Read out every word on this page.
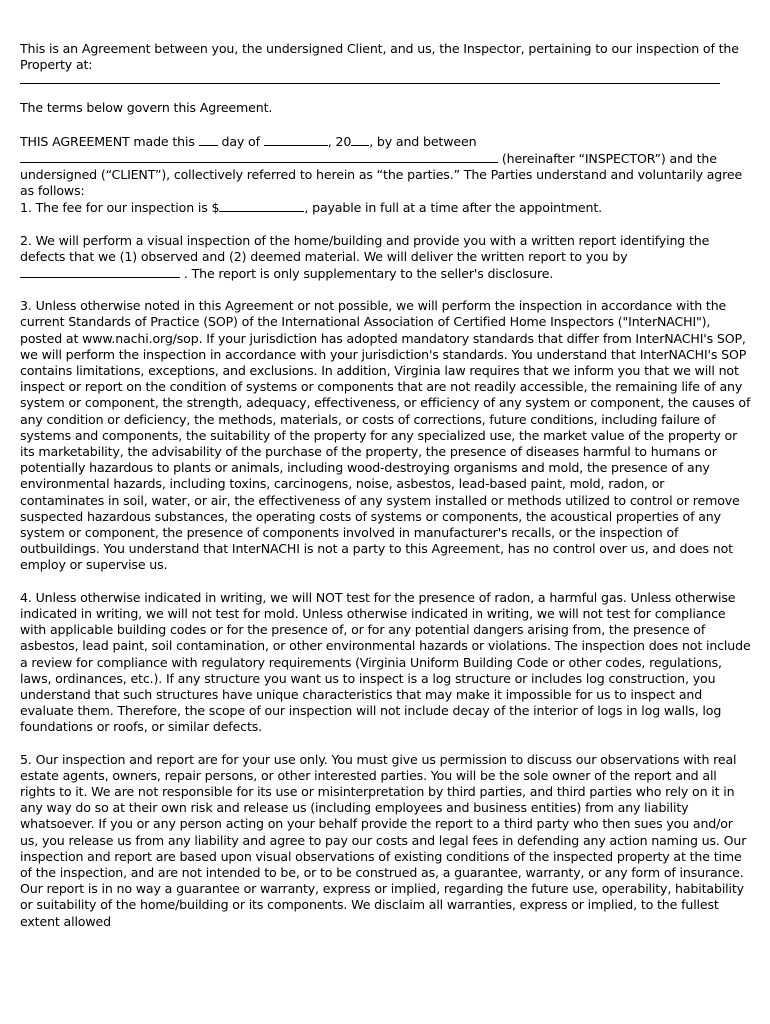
This is an Agreement between you, the undersigned Client, and us, the Inspector, pertaining to our inspection of the Property at:

The terms below govern this Agreement.

THIS AGREEMENT made this day of	, 20 , by and between  (hereinafter “INSPECTOR”) and the undersigned (“CLIENT”), collectively referred to herein as “the parties.” The Parties understand and voluntarily agree as follows:

1. The fee for our inspection is $	, payable in full at a time after the appointment.

2. We will perform a visual inspection of the home/building and provide you with a written report identifying the defects that we (1) observed and (2) deemed material. We will deliver the written report to you by  . The report is only supplementary to the seller's disclosure.

3. Unless otherwise noted in this Agreement or not possible, we will perform the inspection in accordance with the current Standards of Practice (SOP) of the International Association of Certified Home Inspectors ("InterNACHI"), posted at www.nachi.org/sop. If your jurisdiction has adopted mandatory standards that differ from InterNACHI's SOP, we will perform the inspection in accordance with your jurisdiction's standards. You understand that InterNACHI's SOP contains limitations, exceptions, and exclusions. In addition, Virginia law requires that we inform you that we will not inspect or report on the condition of systems or components that are not readily accessible, the remaining life of any system or component, the strength, adequacy, effectiveness, or efficiency of any system or component, the causes of any condition or deficiency, the methods, materials, or costs of corrections, future conditions, including failure of systems and components, the suitability of the property for any specialized use, the market value of the property or its marketability, the advisability of the purchase of the property, the presence of diseases harmful to humans or potentially hazardous to plants or animals, including wood-destroying organisms and mold, the presence of any environmental hazards, including toxins, carcinogens, noise, asbestos, lead-based paint, mold, radon, or contaminates in soil, water, or air, the effectiveness of any system installed or methods utilized to control or remove suspected hazardous substances, the operating costs of systems or components, the acoustical properties of any system or component, the presence of components involved in manufacturer's recalls, or the inspection of outbuildings. You understand that InterNACHI is not a party to this Agreement, has no control over us, and does not employ or supervise us.

4. Unless otherwise indicated in writing, we will NOT test for the presence of radon, a harmful gas. Unless otherwise indicated in writing, we will not test for mold. Unless otherwise indicated in writing, we will not test for compliance with applicable building codes or for the presence of, or for any potential dangers arising from, the presence of asbestos, lead paint, soil contamination, or other environmental hazards or violations. The inspection does not include a review for compliance with regulatory requirements (Virginia Uniform Building Code or other codes, regulations, laws, ordinances, etc.). If any structure you want us to inspect is a log structure or includes log construction, you understand that such structures have unique characteristics that may make it impossible for us to inspect and evaluate them. Therefore, the scope of our inspection will not include decay of the interior of logs in log walls, log foundations or roofs, or similar defects.

5. Our inspection and report are for your use only. You must give us permission to discuss our observations with real estate agents, owners, repair persons, or other interested parties. You will be the sole owner of the report and all rights to it. We are not responsible for its use or misinterpretation by third parties, and third parties who rely on it in any way do so at their own risk and release us (including employees and business entities) from any liability whatsoever. If you or any person acting on your behalf provide the report to a third party who then sues you and/or us, you release us from any liability and agree to pay our costs and legal fees in defending any action naming us. Our inspection and report are based upon visual observations of existing conditions of the inspected property at the time of the inspection, and are not intended to be, or to be construed as, a guarantee, warranty, or any form of insurance. Our report is in no way a guarantee or warranty, express or implied, regarding the future use, operability, habitability or suitability of the home/building or its components. We disclaim all warranties, express or implied, to the fullest extent allowed
